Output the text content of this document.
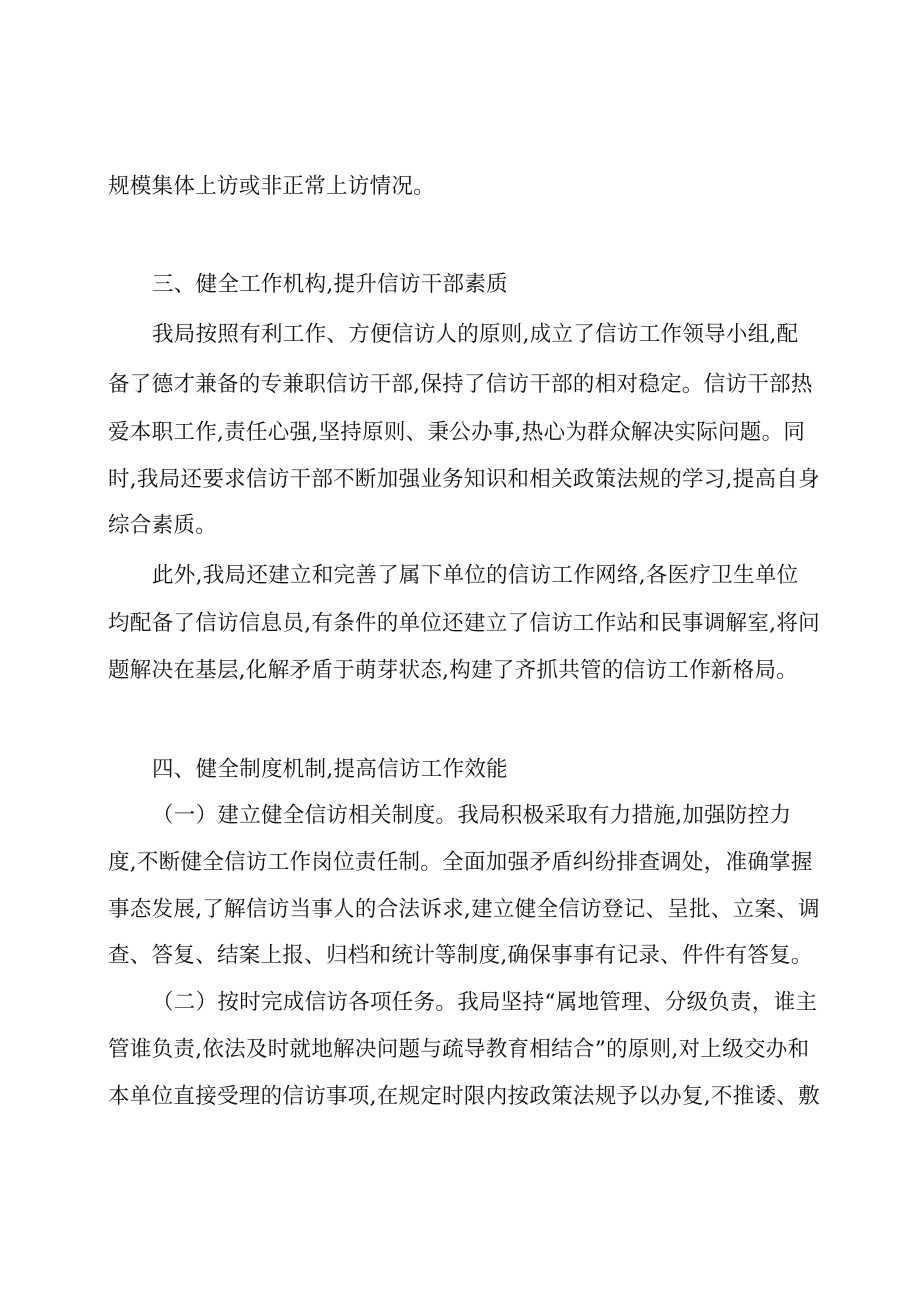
规模集体上访或非正常上访情况。
三、健全工作机构,提升信访干部素质
我局按照有利工作、方便信访人的原则,成立了信访工作领导小组,配
备了德才兼备的专兼职信访干部,保持了信访干部的相对稳定。信访干部热
爱本职工作,责任心强,坚持原则、秉公办事,热心为群众解决实际问题。同
时,我局还要求信访干部不断加强业务知识和相关政策法规的学习,提高自身
综合素质。
此外,我局还建立和完善了属下单位的信访工作网络,各医疗卫生单位
均配备了信访信息员,有条件的单位还建立了信访工作站和民事调解室,将问
题解决在基层,化解矛盾于萌芽状态,构建了齐抓共管的信访工作新格局。
四、健全制度机制,提高信访工作效能
（一）建立健全信访相关制度。我局积极采取有力措施,加强防控力
度,不断健全信访工作岗位责任制。全面加强矛盾纠纷排查调处，准确掌握
事态发展,了解信访当事人的合法诉求,建立健全信访登记、呈批、立案、调
查、答复、结案上报、归档和统计等制度,确保事事有记录、件件有答复。
（二）按时完成信访各项任务。我局坚持“属地管理、分级负责，谁主
管谁负责,依法及时就地解决问题与疏导教育相结合”的原则,对上级交办和
本单位直接受理的信访事项,在规定时限内按政策法规予以办复,不推诿、敷
